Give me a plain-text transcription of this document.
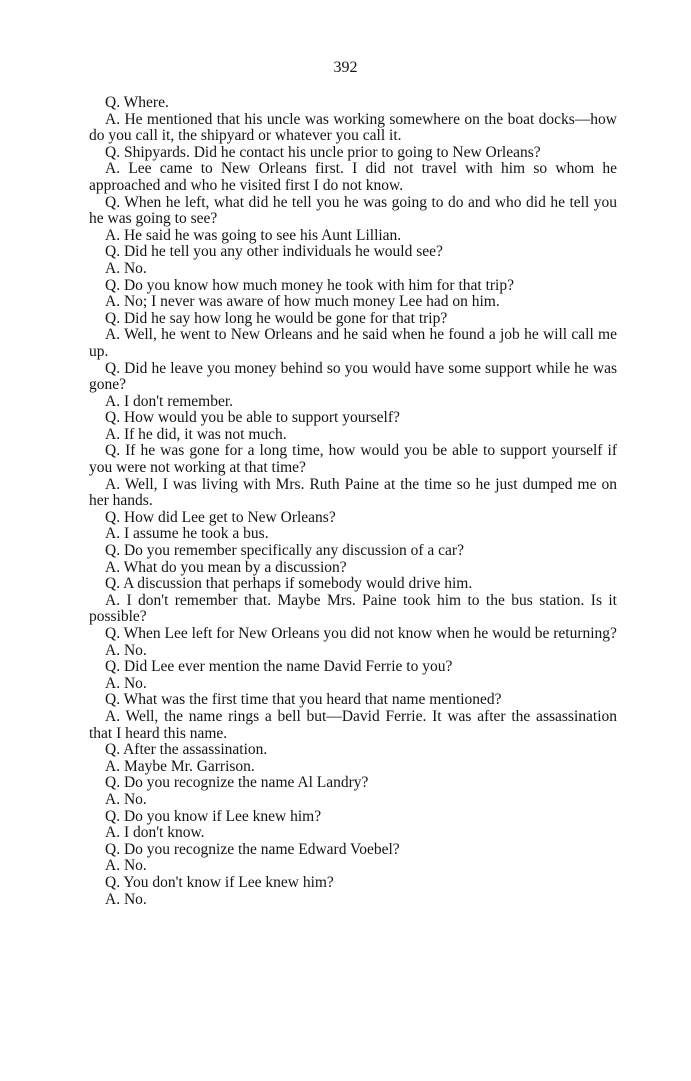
392

Q. Where.

A. He mentioned that his uncle was working somewhere on the boat docks—how do you call it, the shipyard or whatever you call it.

Q. Shipyards. Did he contact his uncle prior to going to New Orleans?

A. Lee came to New Orleans first. I did not travel with him so whom he approached and who he visited first I do not know.

Q. When he left, what did he tell you he was going to do and who did he tell you he was going to see?

A. He said he was going to see his Aunt Lillian.

Q. Did he tell you any other individuals he would see?

A. No.

Q. Do you know how much money he took with him for that trip?

A. No; I never was aware of how much money Lee had on him.

Q. Did he say how long he would be gone for that trip?

A. Well, he went to New Orleans and he said when he found a job he will call me up.

Q. Did he leave you money behind so you would have some support while he was gone?

A. I don't remember.

Q. How would you be able to support yourself?

A. If he did, it was not much.

Q. If he was gone for a long time, how would you be able to support yourself if you were not working at that time?

A. Well, I was living with Mrs. Ruth Paine at the time so he just dumped me on her hands.

Q. How did Lee get to New Orleans?

A. I assume he took a bus.

Q. Do you remember specifically any discussion of a car?

A. What do you mean by a discussion?

Q. A discussion that perhaps if somebody would drive him.

A. I don't remember that. Maybe Mrs. Paine took him to the bus station. Is it possible?

Q. When Lee left for New Orleans you did not know when he would be returning?

A. No.

Q. Did Lee ever mention the name David Ferrie to you?

A. No.

Q. What was the first time that you heard that name mentioned?

A. Well, the name rings a bell but—David Ferrie. It was after the assassination that I heard this name.

Q. After the assassination.

A. Maybe Mr. Garrison.

Q. Do you recognize the name Al Landry?

A. No.

Q. Do you know if Lee knew him?

A. I don't know.

Q. Do you recognize the name Edward Voebel?

A. No.

Q. You don't know if Lee knew him?

A. No.
